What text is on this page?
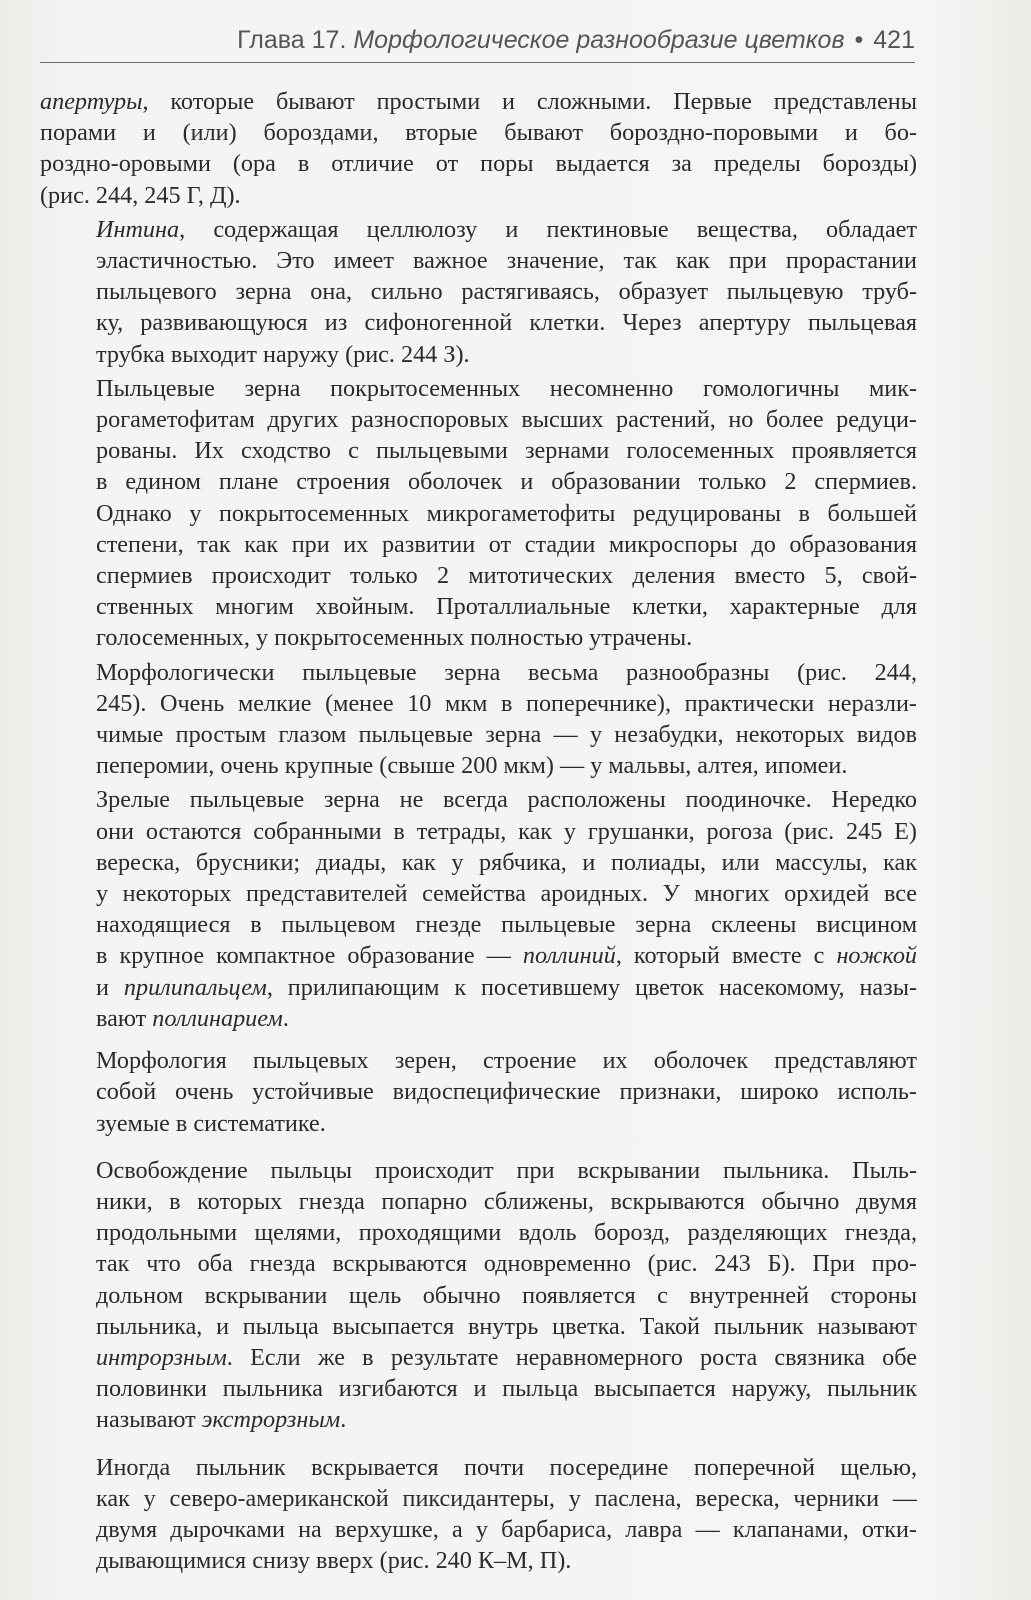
Глава 17. Морфологическое разнообразие цветков • 421

апертуры, которые бывают простыми и сложными. Первые представлены
порами и (или) бороздами, вторые бывают бороздно-поровыми и бо-
роздно-оровыми (ора в отличие от поры выдается за пределы борозды)
(рис. 244, 245 Г, Д).

Интина, содержащая целлюлозу и пектиновые вещества, обладает
эластичностью. Это имеет важное значение, так как при прорастании
пыльцевого зерна она, сильно растягиваясь, образует пыльцевую труб-
ку, развивающуюся из сифоногенной клетки. Через апертуру пыльцевая
трубка выходит наружу (рис. 244 З).

Пыльцевые зерна покрытосеменных несомненно гомологичны мик-
рогаметофитам других разноспоровых высших растений, но более редуци-
рованы. Их сходство с пыльцевыми зернами голосеменных проявляется
в едином плане строения оболочек и образовании только 2 спермиев.
Однако у покрытосеменных микрогаметофиты редуцированы в большей
степени, так как при их развитии от стадии микроспоры до образования
спермиев происходит только 2 митотических деления вместо 5, свой-
ственных многим хвойным. Проталлиальные клетки, характерные для
голосеменных, у покрытосеменных полностью утрачены.

Морфологически пыльцевые зерна весьма разнообразны (рис. 244,
245). Очень мелкие (менее 10 мкм в поперечнике), практически неразли-
чимые простым глазом пыльцевые зерна — у незабудки, некоторых видов
пеперомии, очень крупные (свыше 200 мкм) — у мальвы, алтея, ипомеи.

Зрелые пыльцевые зерна не всегда расположены поодиночке. Нередко
они остаются собранными в тетрады, как у грушанки, рогоза (рис. 245 Е)
вереска, брусники; диады, как у рябчика, и полиады, или массулы, как
у некоторых представителей семейства ароидных. У многих орхидей все
находящиеся в пыльцевом гнезде пыльцевые зерна склеены висцином
в крупное компактное образование — поллиний, который вместе с ножкой
и прилипальцем, прилипающим к посетившему цветок насекомому, назы-
вают поллинарием.

Морфология пыльцевых зерен, строение их оболочек представляют
собой очень устойчивые видоспецифические признаки, широко исполь-
зуемые в систематике.

Освобождение пыльцы происходит при вскрывании пыльника. Пыль-
ники, в которых гнезда попарно сближены, вскрываются обычно двумя
продольными щелями, проходящими вдоль борозд, разделяющих гнезда,
так что оба гнезда вскрываются одновременно (рис. 243 Б). При про-
дольном вскрывании щель обычно появляется с внутренней стороны
пыльника, и пыльца высыпается внутрь цветка. Такой пыльник называют
интрорзным. Если же в результате неравномерного роста связника обе
половинки пыльника изгибаются и пыльца высыпается наружу, пыльник
называют экстрорзным.

Иногда пыльник вскрывается почти посередине поперечной щелью,
как у северо-американской пиксидантеры, у паслена, вереска, черники —
двумя дырочками на верхушке, а у барбариса, лавра — клапанами, отки-
дывающимися снизу вверх (рис. 240 К–М, П).
